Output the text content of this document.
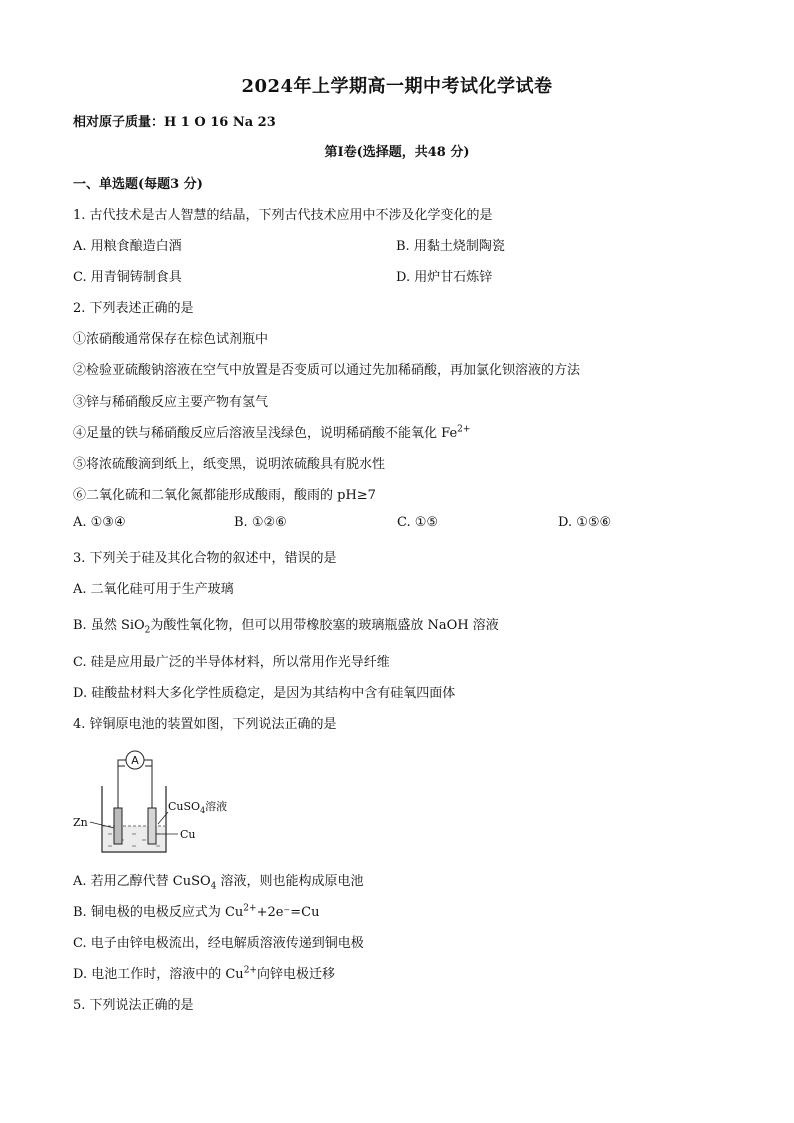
2024年上学期高一期中考试化学试卷
相对原子质量：H 1 O 16 Na 23
第Ⅰ卷(选择题，共48 分)
一、单选题(每题3 分)
1. 古代技术是古人智慧的结晶，下列古代技术应用中不涉及化学变化的是
A. 用粮食酿造白酒	B. 用黏土烧制陶瓷
C. 用青铜铸制食具	D. 用炉甘石炼锌
2. 下列表述正确的是
①浓硝酸通常保存在棕色试剂瓶中
②检验亚硫酸钠溶液在空气中放置是否变质可以通过先加稀硝酸，再加氯化钡溶液的方法
③锌与稀硝酸反应主要产物有氢气
④足量的铁与稀硝酸反应后溶液呈浅绿色，说明稀硝酸不能氧化 $Fe^{2+}$
⑤将浓硫酸滴到纸上，纸变黑，说明浓硫酸具有脱水性
⑥二氧化硫和二氧化氮都能形成酸雨，酸雨的 pH≥7
A. ①③④	B. ①②⑥	C. ①⑤	D. ①⑤⑥
3. 下列关于硅及其化合物的叙述中，错误的是
A. 二氧化硅可用于生产玻璃
B. 虽然 SiO$_2$为酸性氧化物，但可以用带橡胶塞的玻璃瓶盛放 NaOH 溶液
C. 硅是应用最广泛的半导体材料，所以常用作光导纤维
D. 硅酸盐材料大多化学性质稳定，是因为其结构中含有硅氧四面体
4. 锌铜原电池的装置如图，下列说法正确的是
A
CuSO$_4$溶液
Zn
Cu
A. 若用乙醇代替 CuSO$_4$ 溶液，则也能构成原电池
B. 铜电极的电极反应式为 $Cu^{2+}+2e^-=Cu$
C. 电子由锌电极流出，经电解质溶液传递到铜电极
D. 电池工作时，溶液中的 $Cu^{2+}$向锌电极迁移
5. 下列说法正确的是
